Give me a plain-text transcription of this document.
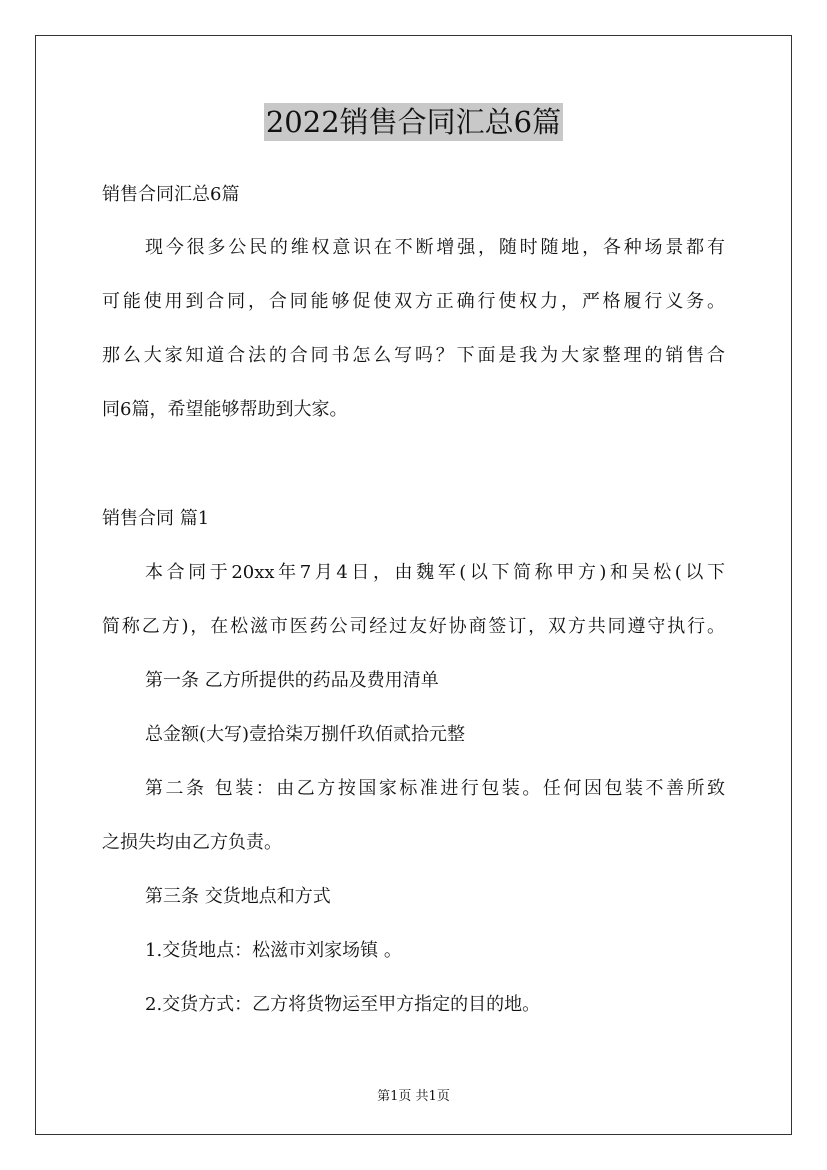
2022销售合同汇总6篇
销售合同汇总6篇
现今很多公民的维权意识在不断增强，随时随地，各种场景都有
可能使用到合同，合同能够促使双方正确行使权力，严格履行义务。
那么大家知道合法的合同书怎么写吗？下面是我为大家整理的销售合
同6篇，希望能够帮助到大家。
销售合同 篇1
本合同于20xx年7月4日，由魏军(以下简称甲方)和吴松(以下
简称乙方)，在松滋市医药公司经过友好协商签订，双方共同遵守执行。
第一条 乙方所提供的药品及费用清单
总金额(大写)壹拾柒万捌仟玖佰贰拾元整
第二条 包装：由乙方按国家标准进行包装。任何因包装不善所致
之损失均由乙方负责。
第三条 交货地点和方式
1.交货地点：松滋市刘家场镇 。
2.交货方式：乙方将货物运至甲方指定的目的地。
第1页 共1页
